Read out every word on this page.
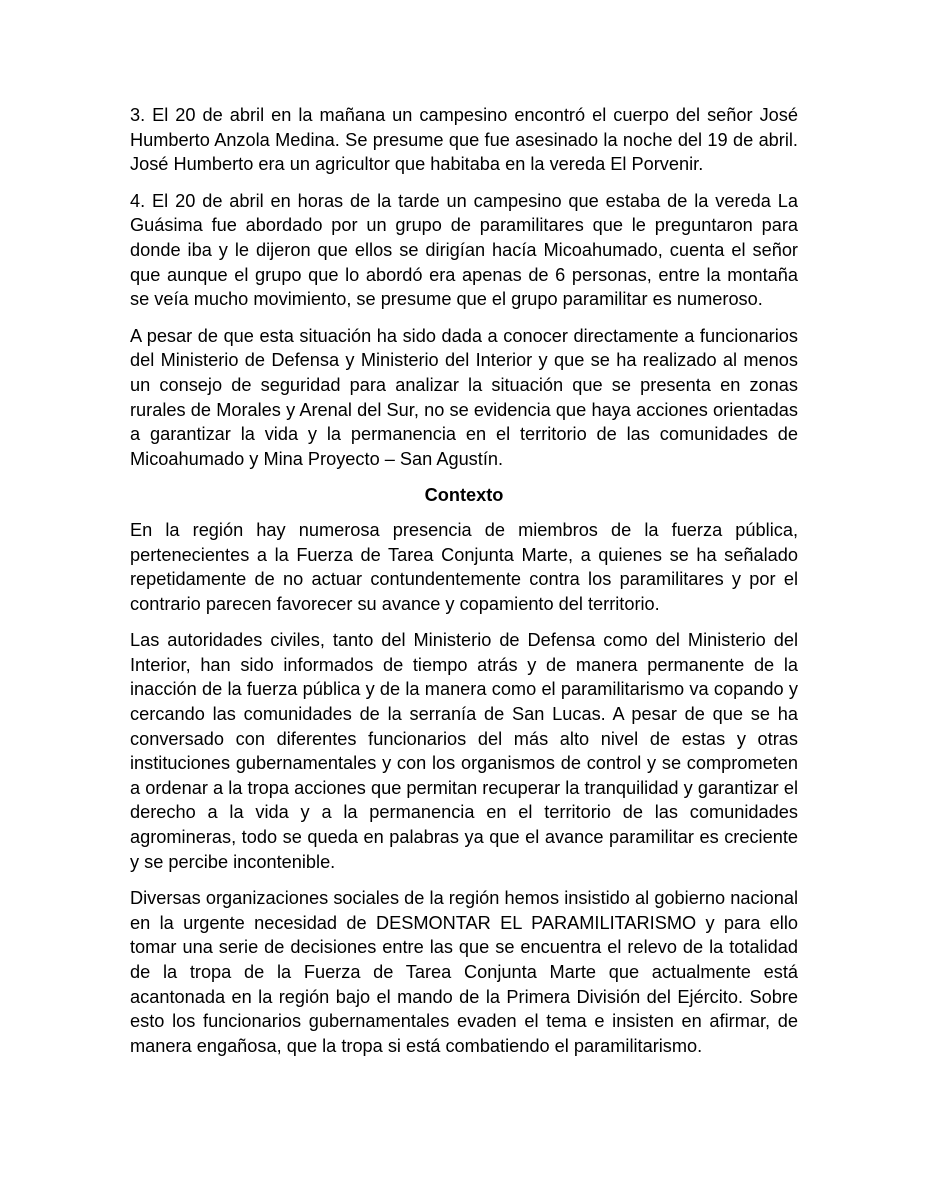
3. El 20 de abril en la mañana un campesino encontró el cuerpo del señor José Humberto Anzola Medina. Se presume que fue asesinado la noche del 19 de abril. José Humberto era un agricultor que habitaba en la vereda El Porvenir.

4. El 20 de abril en horas de la tarde un campesino que estaba de la vereda La Guásima fue abordado por un grupo de paramilitares que le preguntaron para donde iba y le dijeron que ellos se dirigían hacía Micoahumado, cuenta el señor que aunque el grupo que lo abordó era apenas de 6 personas, entre la montaña se veía mucho movimiento, se presume que el grupo paramilitar es numeroso.

A pesar de que esta situación ha sido dada a conocer directamente a funcionarios del Ministerio de Defensa y Ministerio del Interior y que se ha realizado al menos un consejo de seguridad para analizar la situación que se presenta en zonas rurales de Morales y Arenal del Sur, no se evidencia que haya acciones orientadas a garantizar la vida y la permanencia en el territorio de las comunidades de Micoahumado y Mina Proyecto – San Agustín.

Contexto

En la región hay numerosa presencia de miembros de la fuerza pública, pertenecientes a la Fuerza de Tarea Conjunta Marte, a quienes se ha señalado repetidamente de no actuar contundentemente contra los paramilitares y por el contrario parecen favorecer su avance y copamiento del territorio.

Las autoridades civiles, tanto del Ministerio de Defensa como del Ministerio del Interior, han sido informados de tiempo atrás y de manera permanente de la inacción de la fuerza pública y de la manera como el paramilitarismo va copando y cercando las comunidades de la serranía de San Lucas. A pesar de que se ha conversado con diferentes funcionarios del más alto nivel de estas y otras instituciones gubernamentales y con los organismos de control y se comprometen a ordenar a la tropa acciones que permitan recuperar la tranquilidad y garantizar el derecho a la vida y a la permanencia en el territorio de las comunidades agromineras, todo se queda en palabras ya que el avance paramilitar es creciente y se percibe incontenible.

Diversas organizaciones sociales de la región hemos insistido al gobierno nacional en la urgente necesidad de DESMONTAR EL PARAMILITARISMO y para ello tomar una serie de decisiones entre las que se encuentra el relevo de la totalidad de la tropa de la Fuerza de Tarea Conjunta Marte que actualmente está acantonada en la región bajo el mando de la Primera División del Ejército. Sobre esto los funcionarios gubernamentales evaden el tema e insisten en afirmar, de manera engañosa, que la tropa si está combatiendo el paramilitarismo.
